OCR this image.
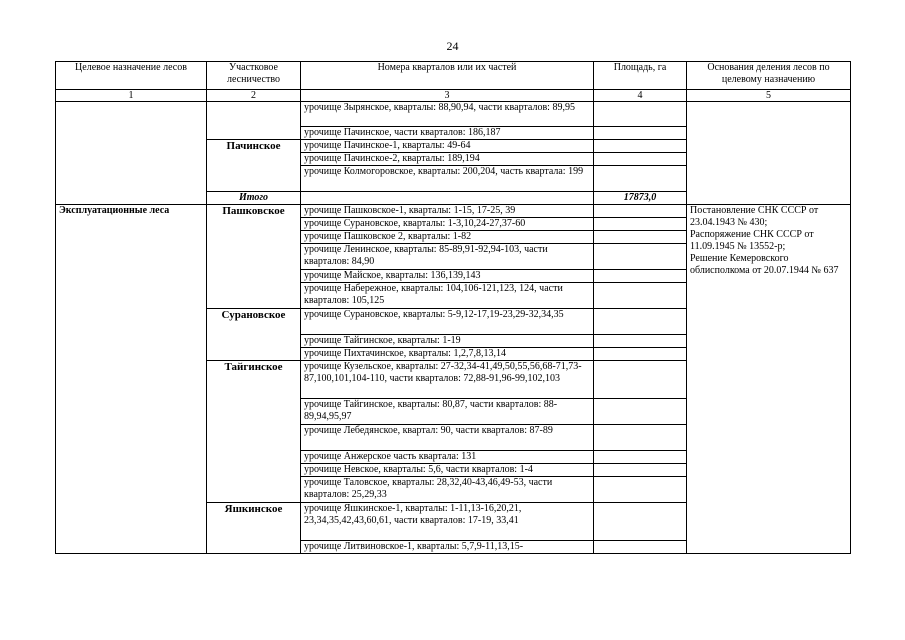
24
Целевое назначение лесов	Участковое лесничество	Номера кварталов или их частей	Площадь, га	Основания деления лесов по целевому назначению
1	2	3	4	5
		урочище Зырянское, кварталы: 88,90,94, части кварталов: 89,95		
		урочище Пачинское, части кварталов: 186,187		
	Пачинское	урочище Пачинское-1, кварталы: 49-64		
		урочище Пачинское-2, кварталы: 189,194		
		урочище Колмогоровское, кварталы: 200,204, часть квартала: 199		
	Итого		17873,0	

Эксплуатационные леса	Пашковское	урочище Пашковское-1, кварталы: 1-15, 17-25, 39		Постановление СНК СССР от 23.04.1943 № 430;
Распоряжение СНК СССР от 11.09.1945 № 13552-р;
Решение Кемеровского облисполкома от 20.07.1944 № 637

		урочище Сурановское, кварталы: 1-3,10,24-27,37-60		
		урочище Пашковское 2, кварталы: 1-82		
		урочище Ленинское, кварталы: 85-89,91-92,94-103, части кварталов: 84,90		
		урочище Майское, кварталы: 136,139,143		
		урочище Набережное, кварталы: 104,106-121,123, 124, части кварталов: 105,125		
	Сурановское	урочище Сурановское, кварталы: 5-9,12-17,19-23,29-32,34,35		
		урочище Тайгинское, кварталы: 1-19		
		урочище Пихтачинское, кварталы: 1,2,7,8,13,14		
	Тайгинское	урочище Кузельское, кварталы: 27-32,34-41,49,50,55,56,68-71,73-87,100,101,104-110, части кварталов: 72,88-91,96-99,102,103		
		урочище Тайгинское, кварталы: 80,87, части кварталов: 88-89,94,95,97		
		урочище Лебедянское, квартал: 90, части кварталов: 87-89		
		урочище Анжерское часть квартала: 131		
		урочище Невское, кварталы: 5,6, части кварталов: 1-4		
		урочище Таловское, кварталы: 28,32,40-43,46,49-53, части кварталов: 25,29,33		
	Яшкинское	урочище Яшкинское-1, кварталы: 1-11,13-16,20,21, 23,34,35,42,43,60,61, части кварталов: 17-19, 33,41		
		урочище Литвиновское-1, кварталы: 5,7,9-11,13,15-		
